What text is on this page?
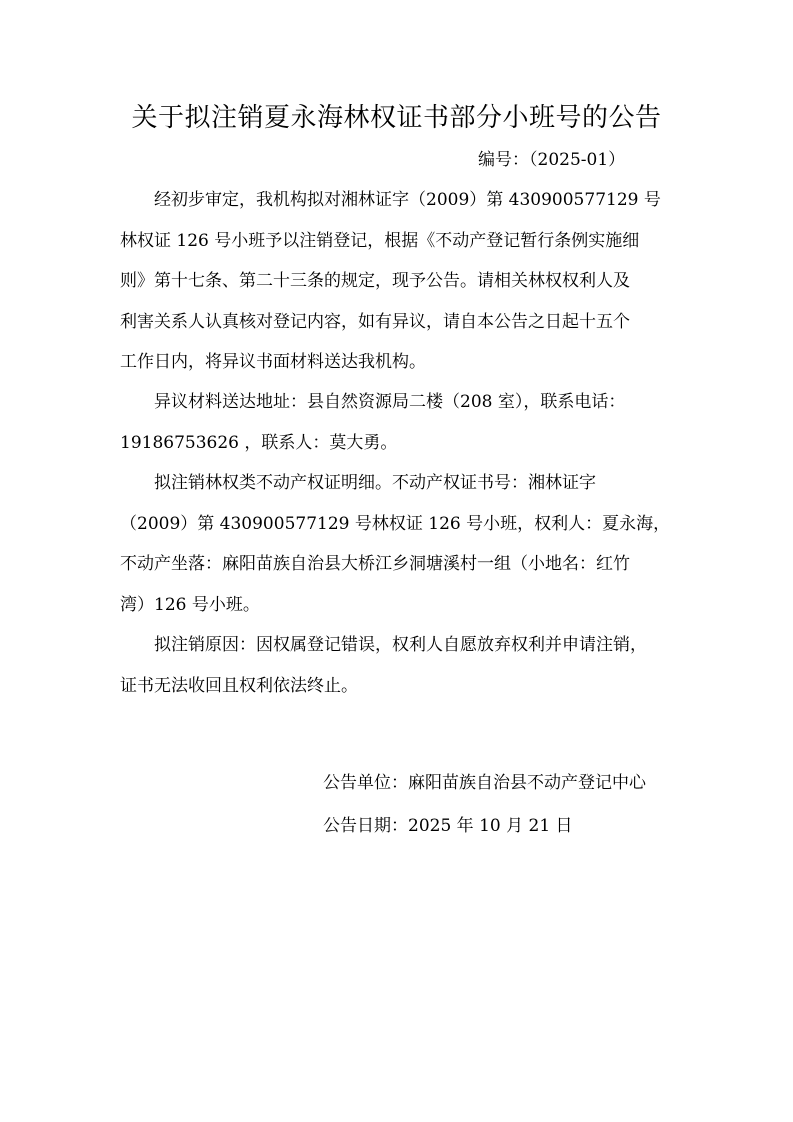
关于拟注销夏永海林权证书部分小班号的公告
编号：（2025-01）
经初步审定，我机构拟对湘林证字（2009）第 430900577129 号
林权证 126 号小班予以注销登记，根据《不动产登记暂行条例实施细
则》第十七条、第二十三条的规定，现予公告。请相关林权权利人及
利害关系人认真核对登记内容，如有异议，请自本公告之日起十五个
工作日内，将异议书面材料送达我机构。
异议材料送达地址：县自然资源局二楼（208 室），联系电话：
19186753626 ，联系人：莫大勇。
拟注销林权类不动产权证明细。不动产权证书号：湘林证字
（2009）第 430900577129 号林权证 126 号小班，权利人：夏永海，
不动产坐落：麻阳苗族自治县大桥江乡洞塘溪村一组（小地名：红竹
湾）126 号小班。
拟注销原因：因权属登记错误，权利人自愿放弃权利并申请注销，
证书无法收回且权利依法终止。
公告单位：麻阳苗族自治县不动产登记中心
公告日期：2025 年 10 月 21 日
